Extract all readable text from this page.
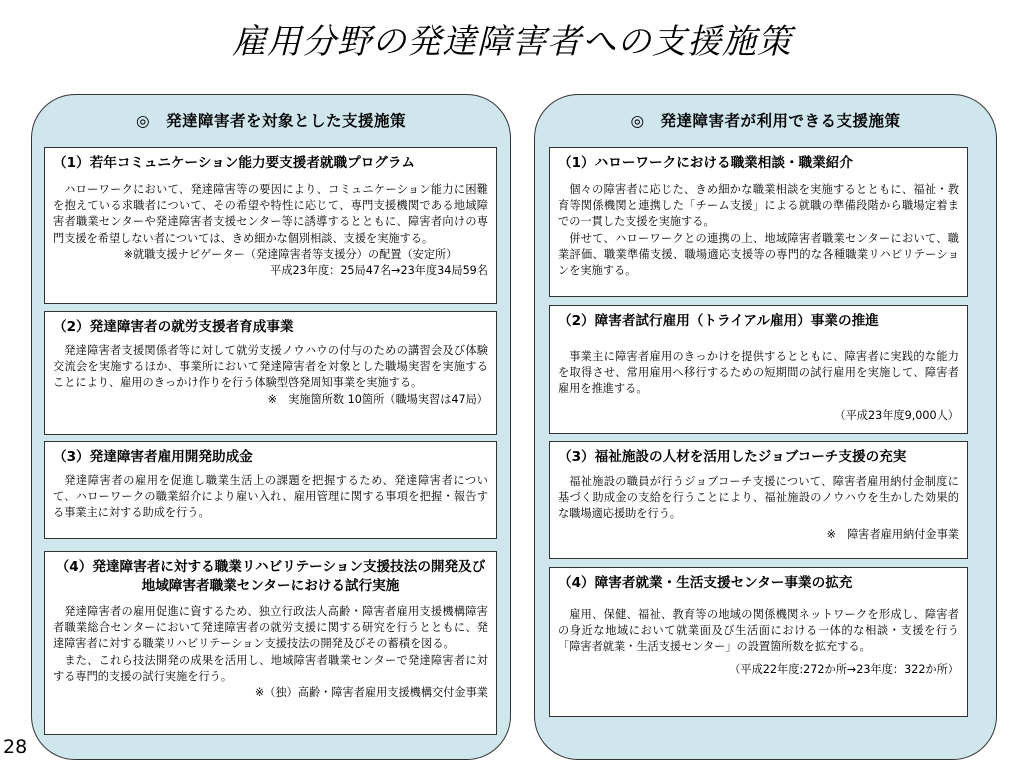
雇用分野の発達障害者への支援施策
◎　発達障害者を対象とした支援施策
（1）若年コミュニケーション能力要支援者就職プログラム
ハローワークにおいて、発達障害等の要因により、コミュニケーション能力に困難を抱えている求職者について、その希望や特性に応じて、専門支援機関である地域障害者職業センターや発達障害者支援センター等に誘導するとともに、障害者向けの専門支援を希望しない者については、きめ細かな個別相談、支援を実施する。
※就職支援ナビゲーター（発達障害者等支援分）の配置（安定所）
平成23年度：25局47名→23年度34局59名
（2）発達障害者の就労支援者育成事業
発達障害者支援関係者等に対して就労支援ノウハウの付与のための講習会及び体験交流会を実施するほか、事業所において発達障害者を対象とした職場実習を実施することにより、雇用のきっかけ作りを行う体験型啓発周知事業を実施する。
※　実施箇所数 10箇所（職場実習は47局）
（3）発達障害者雇用開発助成金
発達障害者の雇用を促進し職業生活上の課題を把握するため、発達障害者について、ハローワークの職業紹介により雇い入れ、雇用管理に関する事項を把握・報告する事業主に対する助成を行う。
（4）発達障害者に対する職業リハビリテーション支援技法の開発及び地域障害者職業センターにおける試行実施

発達障害者の雇用促進に資するため、独立行政法人高齢・障害者雇用支援機構障害者職業総合センターにおいて発達障害者の就労支援に関する研究を行うとともに、発達障害者に対する職業リハビリテーション支援技法の開発及びその蓄積を図る。

また、これら技法開発の成果を活用し、地域障害者職業センターで発達障害者に対する専門的支援の試行実施を行う。

※（独）高齢・障害者雇用支援機構交付金事業
◎　発達障害者が利用できる支援施策
（1）ハローワークにおける職業相談・職業紹介

個々の障害者に応じた、きめ細かな職業相談を実施するとともに、福祉・教育等関係機関と連携した「チーム支援」による就職の準備段階から職場定着までの一貫した支援を実施する。

併せて、ハローワークとの連携の上、地域障害者職業センターにおいて、職業評価、職業準備支援、職場適応支援等の専門的な各種職業リハビリテーションを実施する。

（2）障害者試行雇用（トライアル雇用）事業の推進
事業主に障害者雇用のきっかけを提供するとともに、障害者に実践的な能力を取得させ、常用雇用へ移行するための短期間の試行雇用を実施して、障害者雇用を推進する。
（平成23年度9,000人）
（3）福祉施設の人材を活用したジョブコーチ支援の充実
福祉施設の職員が行うジョブコーチ支援について、障害者雇用納付金制度に基づく助成金の支給を行うことにより、福祉施設のノウハウを生かした効果的な職場適応援助を行う。
※　障害者雇用納付金事業
（4）障害者就業・生活支援センター事業の拡充
雇用、保健、福祉、教育等の地域の関係機関ネットワークを形成し、障害者の身近な地域において就業面及び生活面における一体的な相談・支援を行う「障害者就業・生活支援センター」の設置箇所数を拡充する。
（平成22年度:272か所→23年度：322か所）
28
